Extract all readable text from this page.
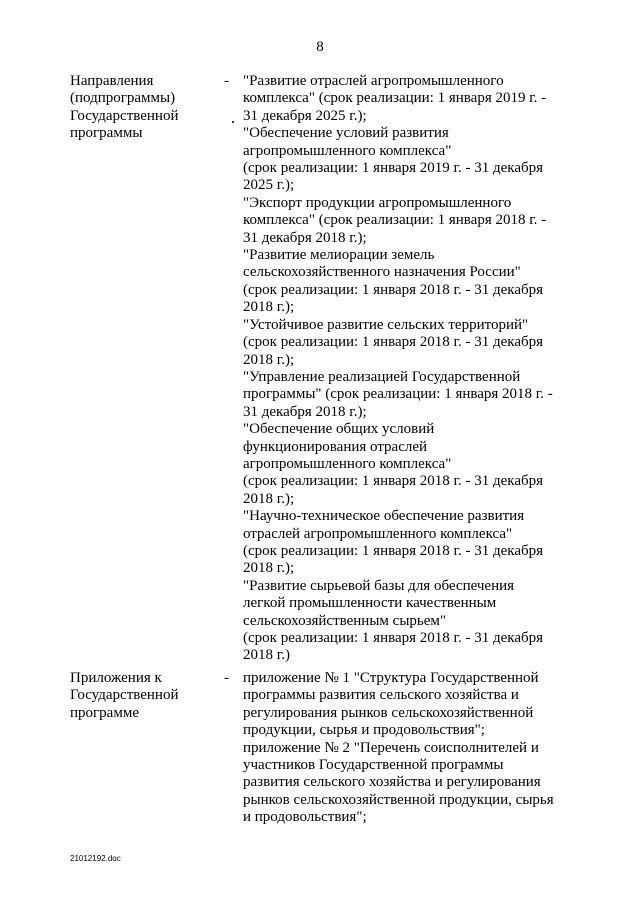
8
Направления
(подпрограммы)
Государственной
программы
- "Развитие отраслей агропромышленного
комплекса" (срок реализации: 1 января 2019 г. -
31 декабря 2025 г.);

"Обеспечение условий развития
агропромышленного комплекса"
(срок реализации: 1 января 2019 г. - 31 декабря
2025 г.);

"Экспорт продукции агропромышленного
комплекса" (срок реализации: 1 января 2018 г. -
31 декабря 2018 г.);

"Развитие мелиорации земель
сельскохозяйственного назначения России"
(срок реализации: 1 января 2018 г. - 31 декабря
2018 г.);

"Устойчивое развитие сельских территорий"
(срок реализации: 1 января 2018 г. - 31 декабря
2018 г.);

"Управление реализацией Государственной
программы" (срок реализации: 1 января 2018 г. -
31 декабря 2018 г.);

"Обеспечение общих условий
функционирования отраслей
агропромышленного комплекса"
(срок реализации: 1 января 2018 г. - 31 декабря
2018 г.);

"Научно-техническое обеспечение развития
отраслей агропромышленного комплекса"
(срок реализации: 1 января 2018 г. - 31 декабря
2018 г.);

"Развитие сырьевой базы для обеспечения
легкой промышленности качественным
сельскохозяйственным сырьем"
(срок реализации: 1 января 2018 г. - 31 декабря
2018 г.)

Приложения к
Государственной
программе
- приложение № 1 "Структура Государственной
программы развития сельского хозяйства и
регулирования рынков сельскохозяйственной
продукции, сырья и продовольствия";

приложение № 2 "Перечень соисполнителей и
участников Государственной программы
развития сельского хозяйства и регулирования
рынков сельскохозяйственной продукции, сырья
и продовольствия";

21012192.doc
